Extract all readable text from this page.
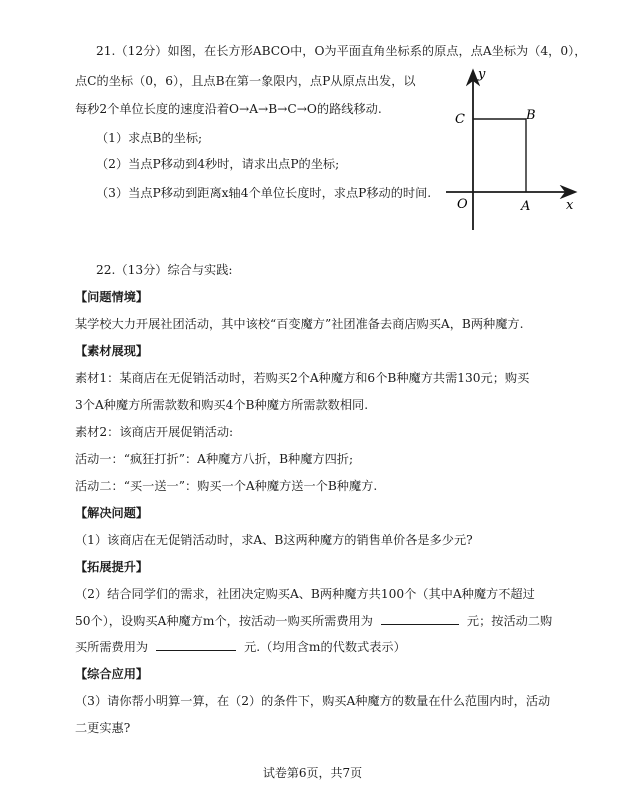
21.（12分）如图，在长方形ABCO中，O为平面直角坐标系的原点，点A坐标为（4，0），
点C的坐标（0，6），且点B在第一象限内，点P从原点出发，以
每秒2个单位长度的速度沿着O→A→B→C→O的路线移动.
（1）求点B的坐标;
（2）当点P移动到4秒时，请求出点P的坐标;
（3）当点P移动到距离x轴4个单位长度时，求点P移动的时间.
y
x
O	A
B
C
22.（13分）综合与实践:
【问题情境】
某学校大力开展社团活动，其中该校“百变魔方”社团准备去商店购买A，B两种魔方.
【素材展现】
素材1：某商店在无促销活动时，若购买2个A种魔方和6个B种魔方共需130元；购买
3个A种魔方所需款数和购买4个B种魔方所需款数相同.
素材2：该商店开展促销活动:
活动一：“疯狂打折”：A种魔方八折，B种魔方四折;
活动二：“买一送一”：购买一个A种魔方送一个B种魔方.
【解决问题】
（1）该商店在无促销活动时，求A、B这两种魔方的销售单价各是多少元?
【拓展提升】
（2）结合同学们的需求，社团决定购买A、B两种魔方共100个（其中A种魔方不超过
50个），设购买A种魔方m个，按活动一购买所需费用为	元；按活动二购
买所需费用为	元.（均用含m的代数式表示）
【综合应用】
（3）请你帮小明算一算，在（2）的条件下，购买A种魔方的数量在什么范围内时，活动
二更实惠?
试卷第6页，共7页
